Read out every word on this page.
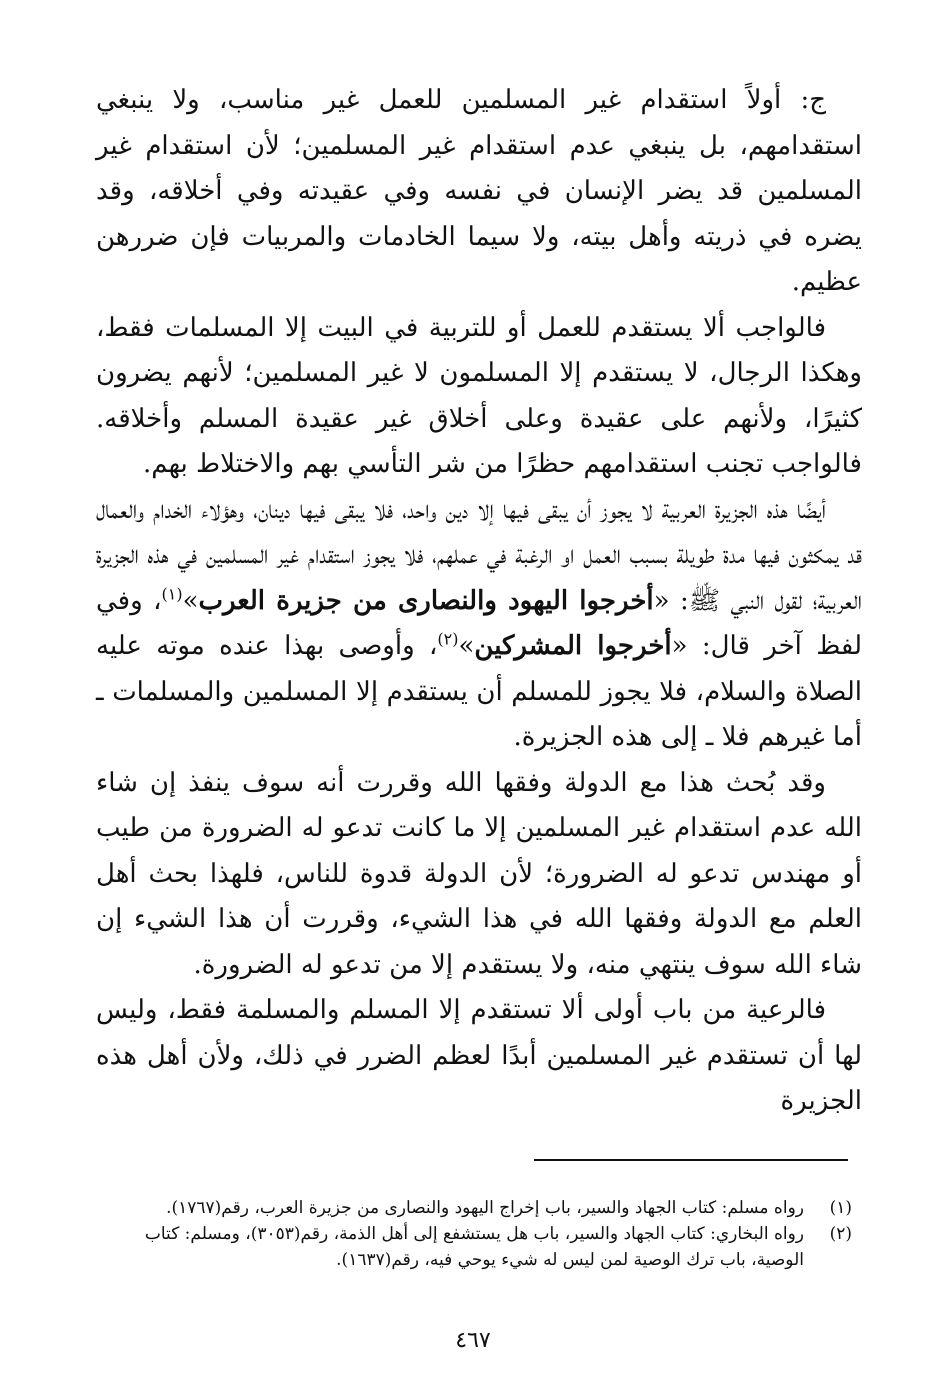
ج: أولاً استقدام غير المسلمين للعمل غير مناسب، ولا ينبغي استقدامهم، بل ينبغي عدم استقدام غير المسلمين؛ لأن استقدام غير المسلمين قد يضر الإنسان في نفسه وفي عقيدته وفي أخلاقه، وقد يضره في ذريته وأهل بيته، ولا سيما الخادمات والمربيات فإن ضررهن عظيم.

فالواجب ألا يستقدم للعمل أو للتربية في البيت إلا المسلمات فقط، وهكذا الرجال، لا يستقدم إلا المسلمون لا غير المسلمين؛ لأنهم يضرون كثيرًا، ولأنهم على عقيدة وعلى أخلاق غير عقيدة المسلم وأخلاقه. فالواجب تجنب استقدامهم حظرًا من شر التأسي بهم والاختلاط بهم.

أيضًا هذه الجزيرة العربية لا يجوز أن يبقى فيها إلا دين واحد، فلا يبقى فيها دينان، وهؤلاء الخدام والعمال قد يمكثون فيها مدة طويلة بسبب العمل او الرغبة في عملهم، فلا يجوز استقدام غير المسلمين في هذه الجزيرة العربية؛ لقول النبي ﷺ: «أخرجوا اليهود والنصارى من جزيرة العرب»$^{(١)}$، وفي لفظ آخر قال: «أخرجوا المشركين»$^{(٢)}$، وأوصى بهذا عنده موته عليه الصلاة والسلام، فلا يجوز للمسلم أن يستقدم إلا المسلمين والمسلمات ـ أما غيرهم فلا ـ إلى هذه الجزيرة.

وقد بُحث هذا مع الدولة وفقها الله وقررت أنه سوف ينفذ إن شاء الله عدم استقدام غير المسلمين إلا ما كانت تدعو له الضرورة من طيب أو مهندس تدعو له الضرورة؛ لأن الدولة قدوة للناس، فلهذا بحث أهل العلم مع الدولة وفقها الله في هذا الشيء، وقررت أن هذا الشيء إن شاء الله سوف ينتهي منه، ولا يستقدم إلا من تدعو له الضرورة.

فالرعية من باب أولى ألا تستقدم إلا المسلم والمسلمة فقط، وليس لها أن تستقدم غير المسلمين أبدًا لعظم الضرر في ذلك، ولأن أهل هذه الجزيرة

(١)
رواه مسلم: كتاب الجهاد والسير، باب إخراج اليهود والنصارى من جزيرة العرب، رقم(١٧٦٧).

(٢)
رواه البخاري: كتاب الجهاد والسير، باب هل يستشفع إلى أهل الذمة، رقم(٣٠٥٣)، ومسلم: كتاب الوصية، باب ترك الوصية لمن ليس له شيء يوحي فيه، رقم(١٦٣٧).

٤٦٧
